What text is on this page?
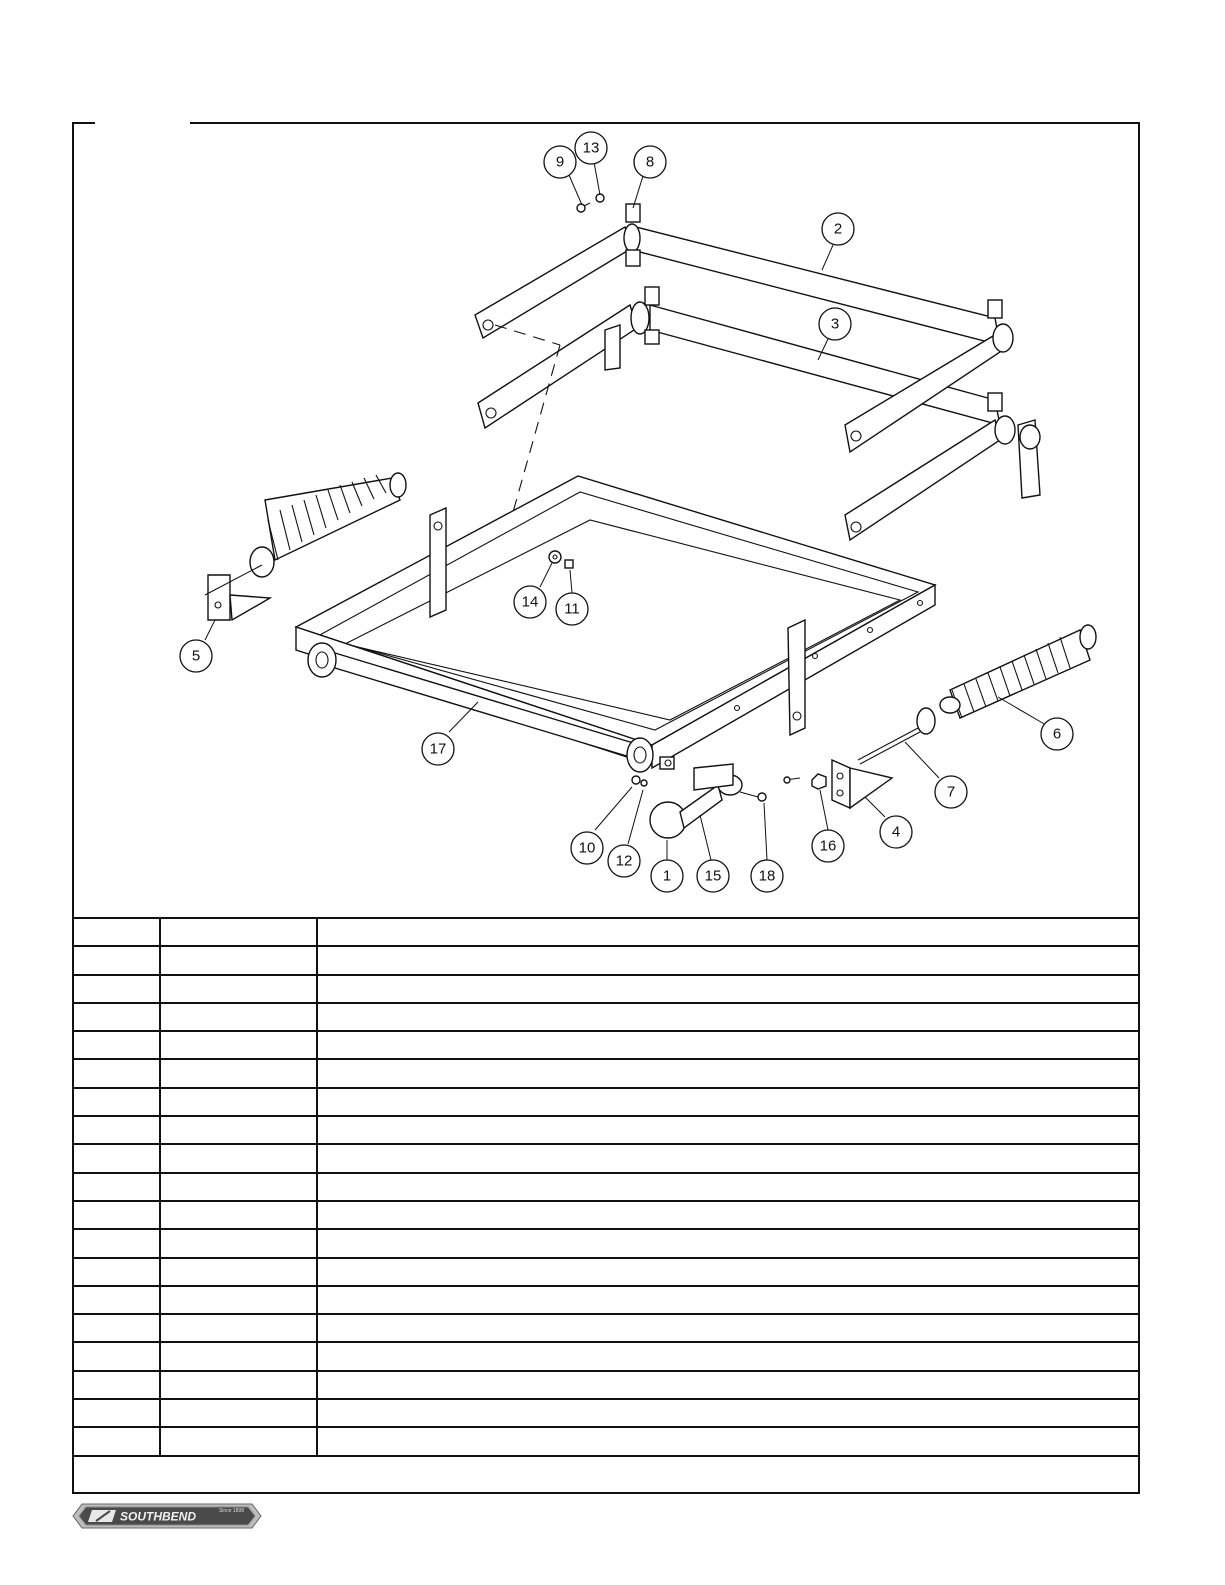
9
13
8
2
3
14 11
5
6
17
7
4
10
12
1 15 18
16

SOUTHBEND	Since 1898
